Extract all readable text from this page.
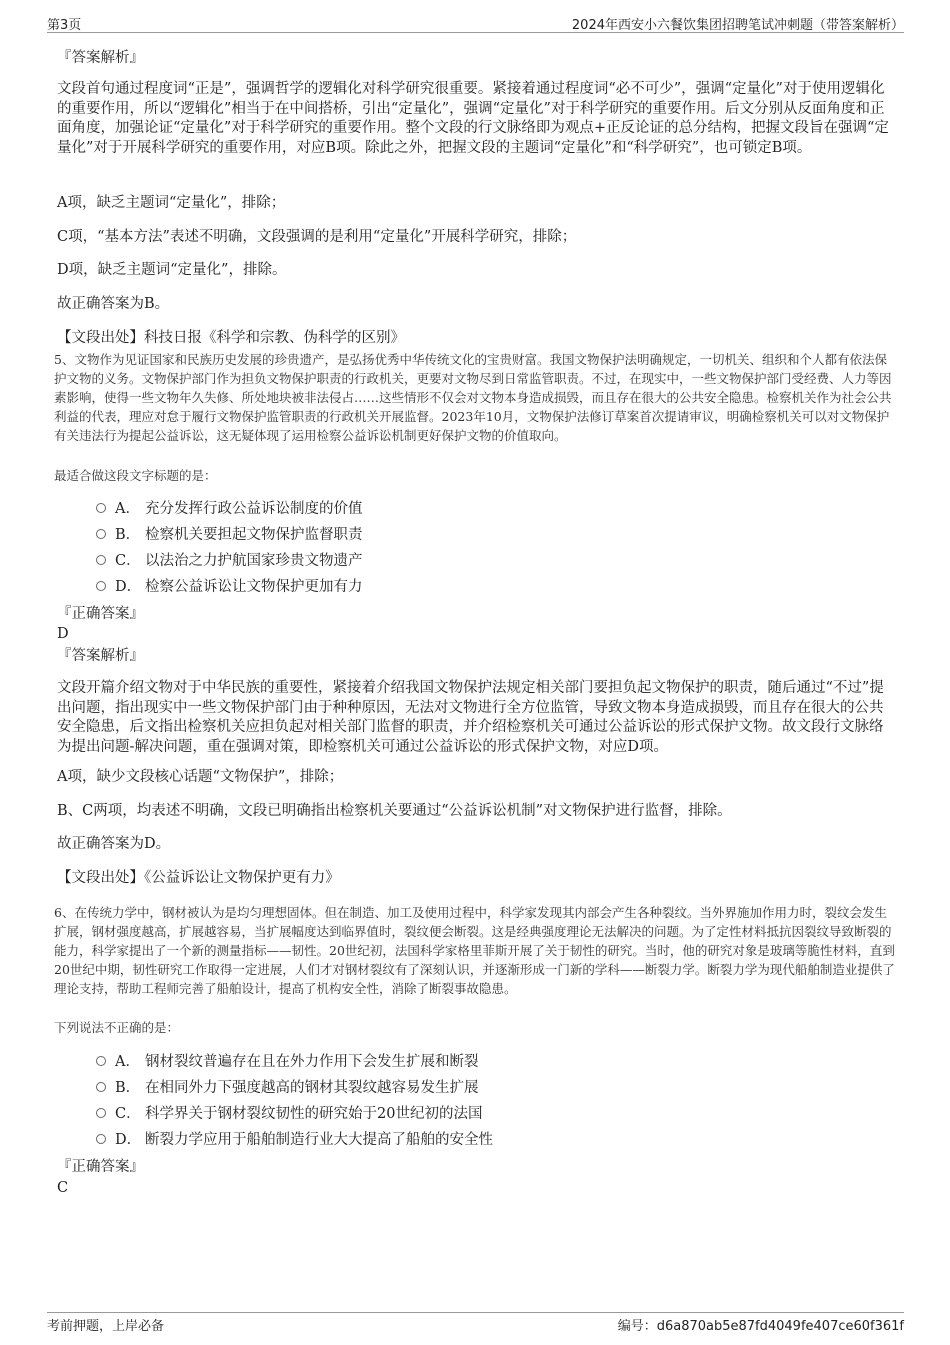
第3页	2024年西安小六餐饮集团招聘笔试冲刺题（带答案解析）
『答案解析』

文段首句通过程度词“正是”，强调哲学的逻辑化对科学研究很重要。紧接着通过程度词“必不可少”，强调“定量化”对于使用逻辑化的重要作用，所以“逻辑化”相当于在中间搭桥，引出“定量化”，强调“定量化”对于科学研究的重要作用。后文分别从反面角度和正面角度，加强论证“定量化”对于科学研究的重要作用。整个文段的行文脉络即为观点+正反论证的总分结构，把握文段旨在强调“定量化”对于开展科学研究的重要作用，对应B项。除此之外，把握文段的主题词“定量化”和“科学研究”，也可锁定B项。

A项，缺乏主题词“定量化”，排除；
C项，“基本方法”表述不明确，文段强调的是利用“定量化”开展科学研究，排除；
D项，缺乏主题词“定量化”，排除。
故正确答案为B。
【文段出处】科技日报《科学和宗教、伪科学的区别》

5、文物作为见证国家和民族历史发展的珍贵遗产，是弘扬优秀中华传统文化的宝贵财富。我国文物保护法明确规定，一切机关、组织和个人都有依法保护文物的义务。文物保护部门作为担负文物保护职责的行政机关，更要对文物尽到日常监管职责。不过，在现实中，一些文物保护部门受经费、人力等因素影响，使得一些文物年久失修、所处地块被非法侵占……这些情形不仅会对文物本身造成损毁，而且存在很大的公共安全隐患。检察机关作为社会公共利益的代表，理应对怠于履行文物保护监管职责的行政机关开展监督。2023年10月，文物保护法修订草案首次提请审议，明确检察机关可以对文物保护有关违法行为提起公益诉讼，这无疑体现了运用检察公益诉讼机制更好保护文物的价值取向。

最适合做这段文字标题的是：
A． 充分发挥行政公益诉讼制度的价值
B． 检察机关要担起文物保护监督职责
C． 以法治之力护航国家珍贵文物遗产
D． 检察公益诉讼让文物保护更加有力
『正确答案』
D
『答案解析』

文段开篇介绍文物对于中华民族的重要性，紧接着介绍我国文物保护法规定相关部门要担负起文物保护的职责，随后通过“不过”提出问题，指出现实中一些文物保护部门由于种种原因，无法对文物进行全方位监管，导致文物本身造成损毁，而且存在很大的公共安全隐患，后文指出检察机关应担负起对相关部门监督的职责，并介绍检察机关可通过公益诉讼的形式保护文物。故文段行文脉络为提出问题-解决问题，重在强调对策，即检察机关可通过公益诉讼的形式保护文物，对应D项。

A项，缺少文段核心话题“文物保护”，排除；
B、C两项，均表述不明确，文段已明确指出检察机关要通过“公益诉讼机制”对文物保护进行监督，排除。
故正确答案为D。
【文段出处】《公益诉讼让文物保护更有力》

6、在传统力学中，钢材被认为是均匀理想固体。但在制造、加工及使用过程中，科学家发现其内部会产生各种裂纹。当外界施加作用力时，裂纹会发生扩展，钢材强度越高，扩展越容易，当扩展幅度达到临界值时，裂纹便会断裂。这是经典强度理论无法解决的问题。为了定性材料抵抗因裂纹导致断裂的能力，科学家提出了一个新的测量指标——韧性。20世纪初，法国科学家格里菲斯开展了关于韧性的研究。当时，他的研究对象是玻璃等脆性材料，直到20世纪中期，韧性研究工作取得一定进展，人们才对钢材裂纹有了深刻认识，并逐渐形成一门新的学科——断裂力学。断裂力学为现代船舶制造业提供了理论支持，帮助工程师完善了船舶设计，提高了机构安全性，消除了断裂事故隐患。

下列说法不正确的是：
A． 钢材裂纹普遍存在且在外力作用下会发生扩展和断裂
B． 在相同外力下强度越高的钢材其裂纹越容易发生扩展
C． 科学界关于钢材裂纹韧性的研究始于20世纪初的法国
D． 断裂力学应用于船舶制造行业大大提高了船舶的安全性
『正确答案』
C
考前押题，上岸必备	编号：d6a870ab5e87fd4049fe407ce60f361f
